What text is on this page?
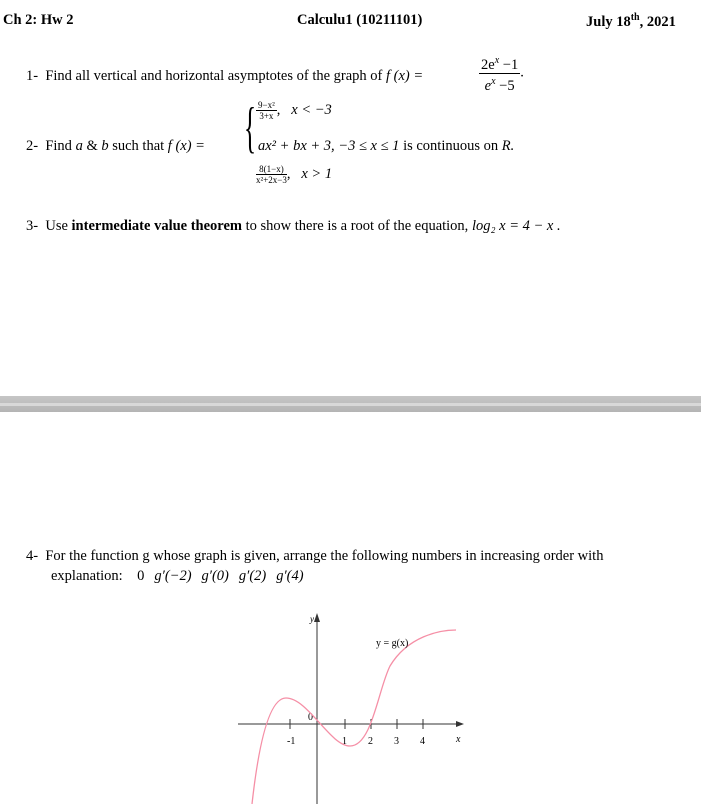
Ch 2: Hw 2	Calculu1 (10211101)	July 18th, 2021
1- Find all vertical and horizontal asymptotes of the graph of f (x) =	$\frac{2e^x -1}{e^x -5}$ .
2- Find a & b such that f (x) = { $\frac{\text{9−x²}}{3+x}$ ,   x < −3
ax² + bx + 3, −3 ≤ x ≤ 1 is continuous on R.
$\frac{8(1-x)}{\text{x²+2x−3}}$ ,   x > 1
3- Use intermediate value theorem to show there is a root of the equation, log₂ x = 4 − x .
4- For the function g whose graph is given, arrange the following numbers in increasing order with
explanation: 0 g′(−2) g′(0) g′(2) g′(4)
y
x
-1
0
1 2 3 4
y = g(x)
